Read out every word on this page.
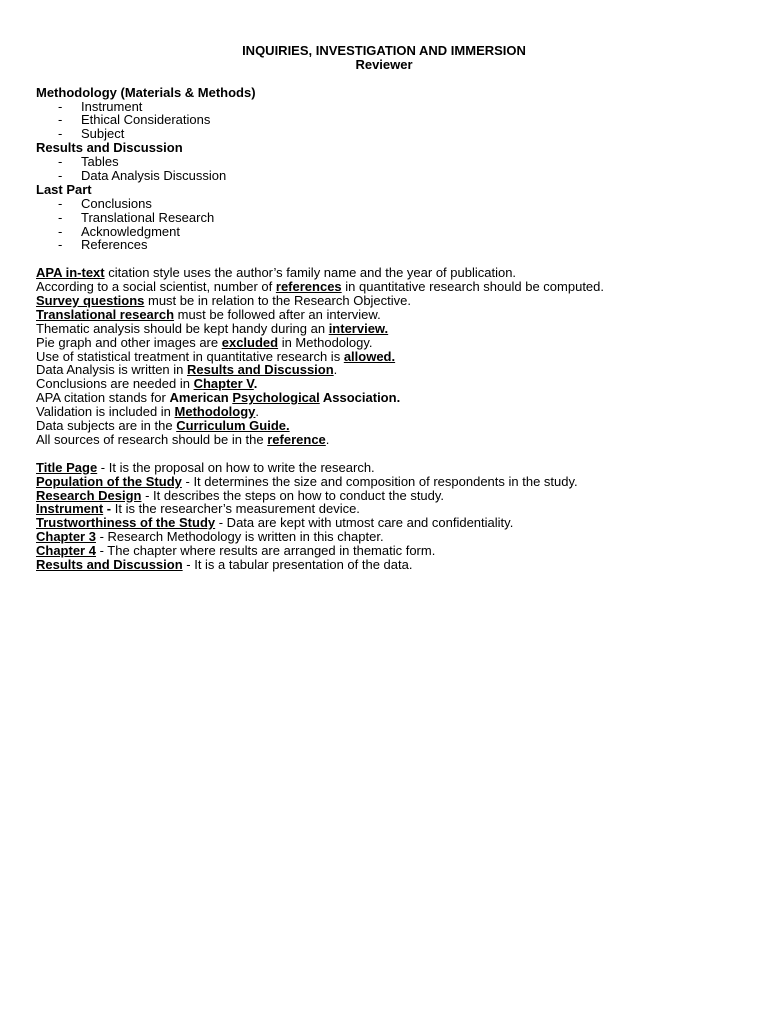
INQUIRIES, INVESTIGATION AND IMMERSION
Reviewer
Methodology (Materials & Methods)
- Instrument
- Ethical Considerations
- Subject
Results and Discussion
- Tables
- Data Analysis Discussion
Last Part
- Conclusions
- Translational Research
- Acknowledgment
- References
APA in-text citation style uses the author’s family name and the year of publication.
According to a social scientist, number of references in quantitative research should be computed.
Survey questions must be in relation to the Research Objective.
Translational research must be followed after an interview.
Thematic analysis should be kept handy during an interview.
Pie graph and other images are excluded in Methodology.
Use of statistical treatment in quantitative research is allowed.
Data Analysis is written in Results and Discussion.
Conclusions are needed in Chapter V.
APA citation stands for American Psychological Association.
Validation is included in Methodology.
Data subjects are in the Curriculum Guide.
All sources of research should be in the reference.
Title Page - It is the proposal on how to write the research.
Population of the Study - It determines the size and composition of respondents in the study.
Research Design - It describes the steps on how to conduct the study.
Instrument - It is the researcher’s measurement device.
Trustworthiness of the Study - Data are kept with utmost care and confidentiality.
Chapter 3 - Research Methodology is written in this chapter.
Chapter 4 - The chapter where results are arranged in thematic form.
Results and Discussion - It is a tabular presentation of the data.
